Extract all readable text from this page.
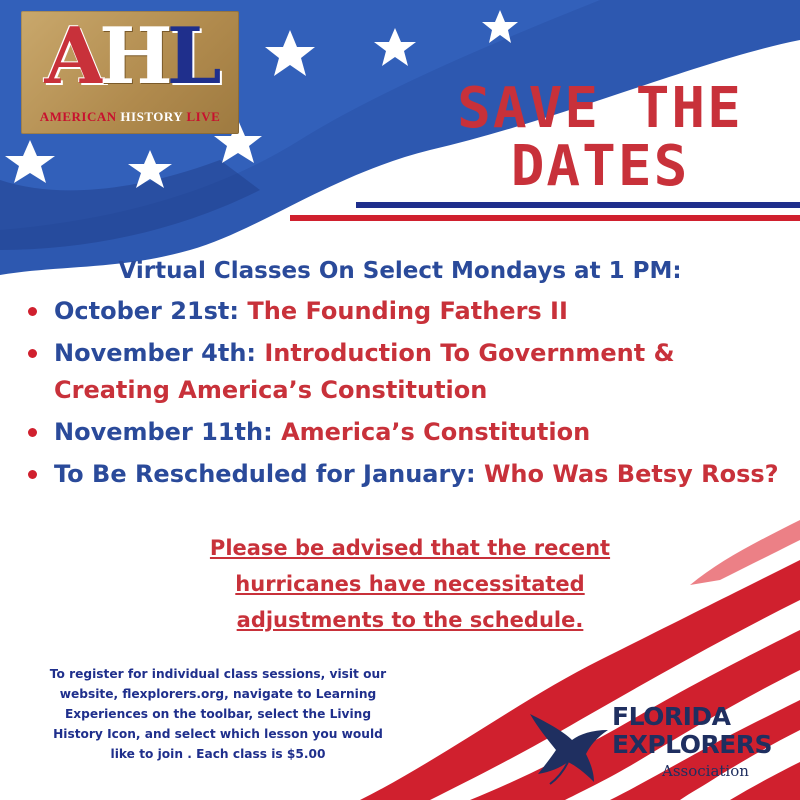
AHL
AMERICAN HISTORY LIVE	SAVE THE
DATES
Virtual Classes On Select Mondays at 1 PM:
October 21st: The Founding Fathers II
November 4th: Introduction To Government & Creating America’s Constitution
November 11th: America’s Constitution
To Be Rescheduled for January: Who Was Betsy Ross?
Please be advised that the recent
hurricanes have necessitated
adjustments to the schedule.
To register for individual class sessions, visit our
website, flexplorers.org, navigate to Learning
Experiences on the toolbar, select the Living
History Icon, and select which lesson you would
like to join . Each class is $5.00
FLORIDA
EXPLORERS
Association
